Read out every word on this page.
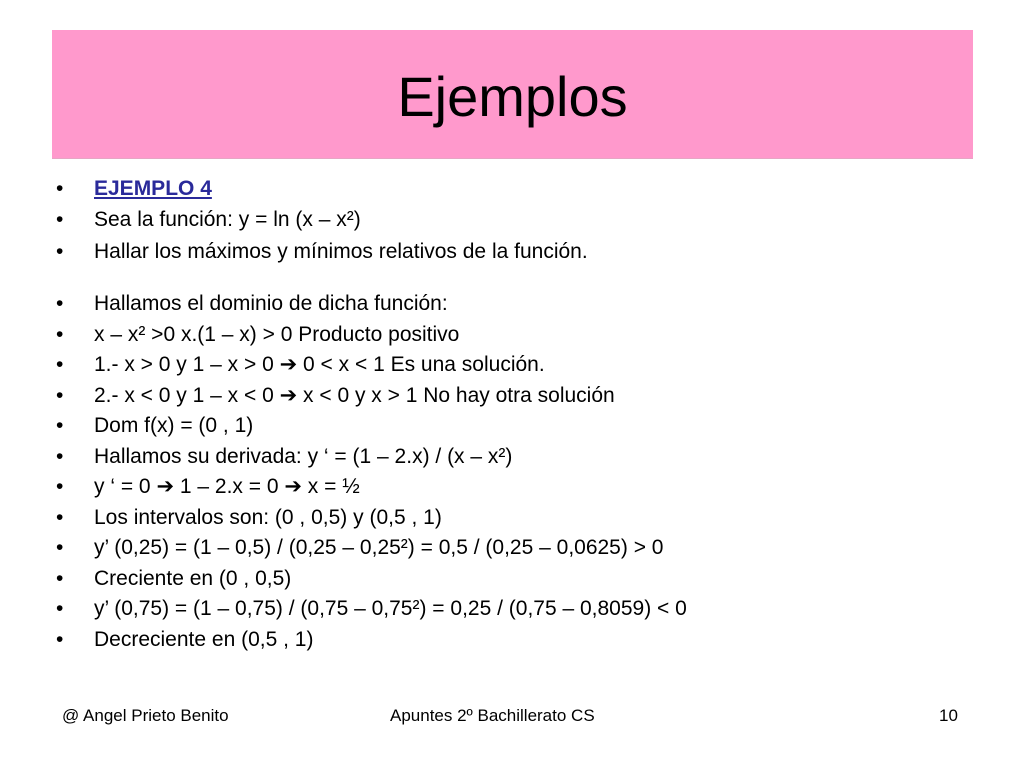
Ejemplos
• EJEMPLO 4
• Sea la función: y = ln (x – x²)
• Hallar los máximos y mínimos relativos de la función.
• Hallamos el dominio de dicha función:
• x – x² >0 x.(1 – x) > 0 Producto positivo
• 1.- x > 0 y 1 – x > 0 ➔ 0 < x < 1 Es una solución.
• 2.- x < 0 y 1 – x < 0 ➔ x < 0 y x > 1 No hay otra solución
• Dom f(x) = (0 , 1)
• Hallamos su derivada: y ‘ = (1 – 2.x) / (x – x²)
• y ‘ = 0 ➔ 1 – 2.x = 0 ➔ x = ½
• Los intervalos son: (0 , 0,5) y (0,5 , 1)
• y’ (0,25) = (1 – 0,5) / (0,25 – 0,25²) = 0,5 / (0,25 – 0,0625) > 0
• Creciente en (0 , 0,5)
• y’ (0,75) = (1 – 0,75) / (0,75 – 0,75²) = 0,25 / (0,75 – 0,8059) < 0
• Decreciente en (0,5 , 1)
@ Angel Prieto Benito	Apuntes 2º Bachillerato CS	10
